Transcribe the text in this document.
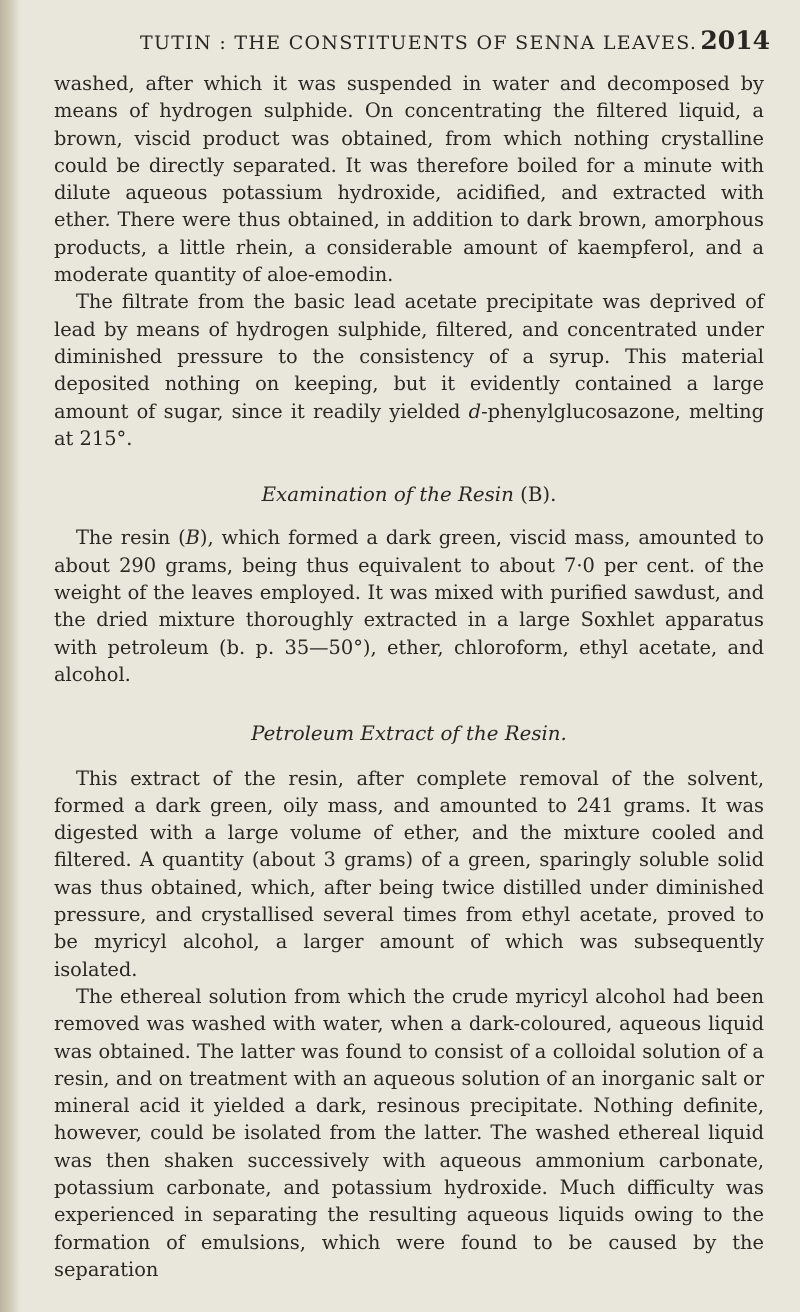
TUTIN : THE CONSTITUENTS OF SENNA LEAVES. 2014

washed, after which it was suspended in water and decomposed by means of hydrogen sulphide. On concentrating the filtered liquid, a brown, viscid product was obtained, from which nothing crystalline could be directly separated. It was therefore boiled for a minute with dilute aqueous potassium hydroxide, acidified, and extracted with ether. There were thus obtained, in addition to dark brown, amorphous products, a little rhein, a considerable amount of kaempferol, and a moderate quantity of aloe-emodin.

The filtrate from the basic lead acetate precipitate was deprived of lead by means of hydrogen sulphide, filtered, and concentrated under diminished pressure to the consistency of a syrup. This material deposited nothing on keeping, but it evidently contained a large amount of sugar, since it readily yielded d-phenylglucosazone, melting at 215°.

Examination of the Resin (B).

The resin (B), which formed a dark green, viscid mass, amounted to about 290 grams, being thus equivalent to about 7·0 per cent. of the weight of the leaves employed. It was mixed with purified sawdust, and the dried mixture thoroughly extracted in a large Soxhlet apparatus with petroleum (b. p. 35—50°), ether, chloroform, ethyl acetate, and alcohol.

Petroleum Extract of the Resin.

This extract of the resin, after complete removal of the solvent, formed a dark green, oily mass, and amounted to 241 grams. It was digested with a large volume of ether, and the mixture cooled and filtered. A quantity (about 3 grams) of a green, sparingly soluble solid was thus obtained, which, after being twice distilled under diminished pressure, and crystallised several times from ethyl acetate, proved to be myricyl alcohol, a larger amount of which was subsequently isolated.

The ethereal solution from which the crude myricyl alcohol had been removed was washed with water, when a dark-coloured, aqueous liquid was obtained. The latter was found to consist of a colloidal solution of a resin, and on treatment with an aqueous solution of an inorganic salt or mineral acid it yielded a dark, resinous precipitate. Nothing definite, however, could be isolated from the latter. The washed ethereal liquid was then shaken successively with aqueous ammonium carbonate, potassium carbonate, and potassium hydroxide. Much difficulty was experienced in separating the resulting aqueous liquids owing to the formation of emulsions, which were found to be caused by the separation
